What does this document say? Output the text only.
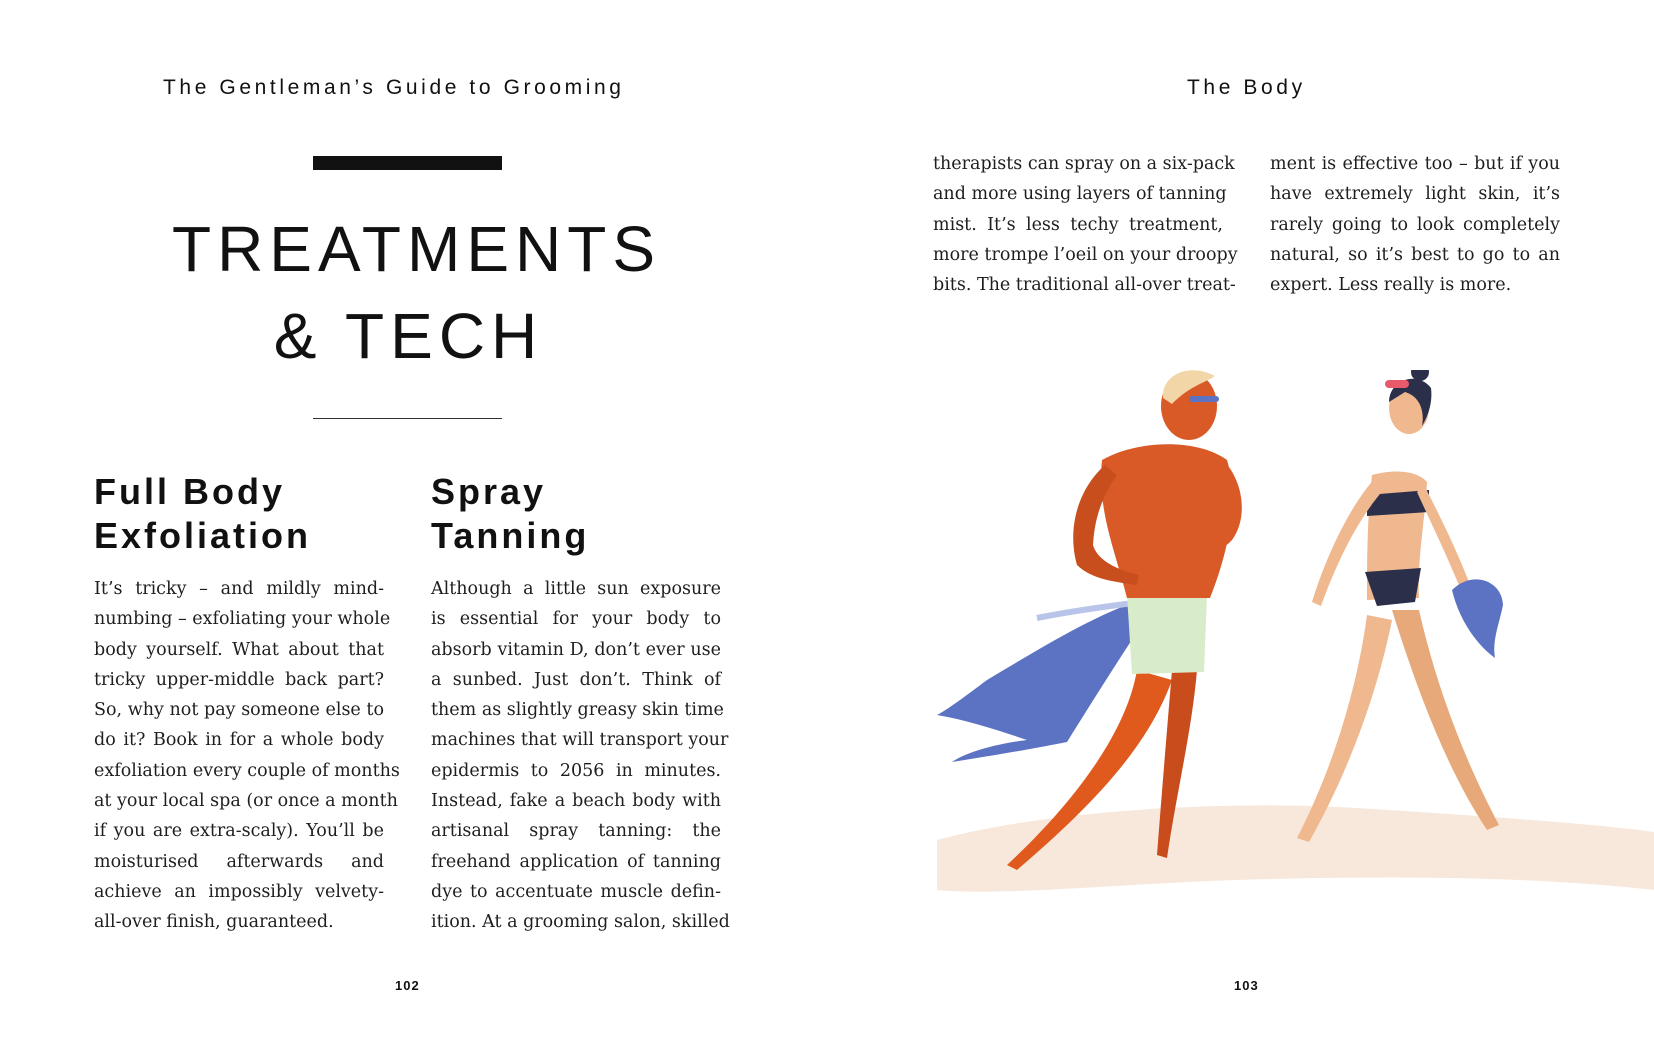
The Gentleman’s Guide to Grooming
TREATMENTS
& TECH
Full Body
Exfoliation
Spray
Tanning
It’s tricky – and mildly mind-
numbing – exfoliating your whole
body yourself. What about that
tricky upper-middle back part?
So, why not pay someone else to
do it? Book in for a whole body
exfoliation every couple of months
at your local spa (or once a month
if you are extra-scaly). You’ll be
moisturised afterwards and
achieve an impossibly velvety-
all-over finish, guaranteed.
Although a little sun exposure
is essential for your body to
absorb vitamin D, don’t ever use
a sunbed. Just don’t. Think of
them as slightly greasy skin time
machines that will transport your
epidermis to 2056 in minutes.
Instead, fake a beach body with
artisanal spray tanning: the
freehand application of tanning
dye to accentuate muscle defin-
ition. At a grooming salon, skilled
102
The Body
therapists can spray on a six-pack
and more using layers of tanning
mist. It’s less techy treatment,
more trompe l’oeil on your droopy
bits. The traditional all-over treat-
ment is effective too – but if you
have extremely light skin, it’s
rarely going to look completely
natural, so it’s best to go to an
expert. Less really is more.
103
